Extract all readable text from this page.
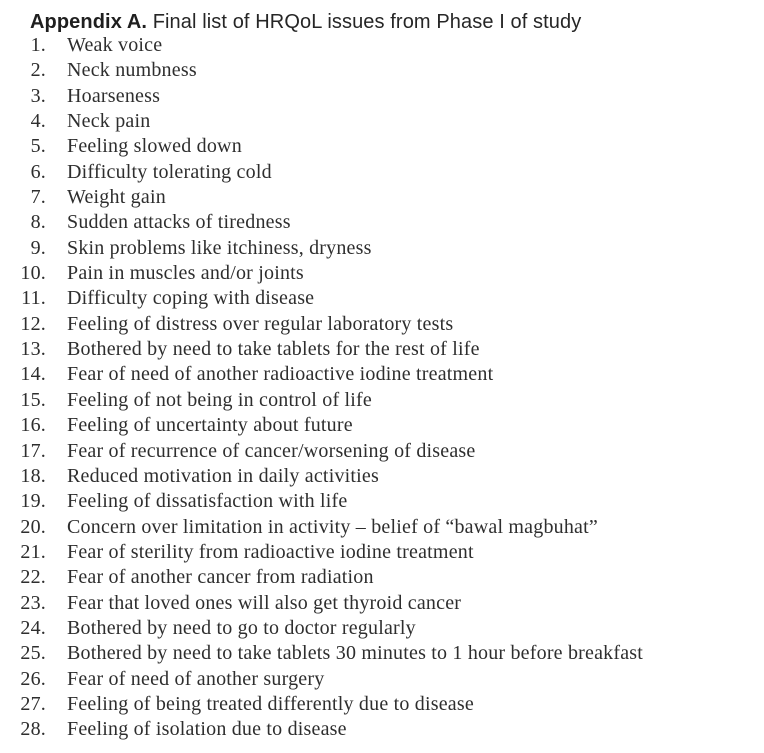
Appendix A. Final list of HRQoL issues from Phase I of study
1.	Weak voice
2.	Neck numbness
3.	Hoarseness
4.	Neck pain
5.	Feeling slowed down
6.	Difficulty tolerating cold
7.	Weight gain
8.	Sudden attacks of tiredness
9.	Skin problems like itchiness, dryness
10.	Pain in muscles and/or joints
11.	Difficulty coping with disease
12.	Feeling of distress over regular laboratory tests
13.	Bothered by need to take tablets for the rest of life
14.	Fear of need of another radioactive iodine treatment
15.	Feeling of not being in control of life
16.	Feeling of uncertainty about future
17.	Fear of recurrence of cancer/worsening of disease
18.	Reduced motivation in daily activities
19.	Feeling of dissatisfaction with life
20.	Concern over limitation in activity – belief of “bawal magbuhat”
21.	Fear of sterility from radioactive iodine treatment
22.	Fear of another cancer from radiation
23.	Fear that loved ones will also get thyroid cancer
24.	Bothered by need to go to doctor regularly
25.	Bothered by need to take tablets 30 minutes to 1 hour before breakfast
26.	Fear of need of another surgery
27.	Feeling of being treated differently due to disease
28.	Feeling of isolation due to disease
